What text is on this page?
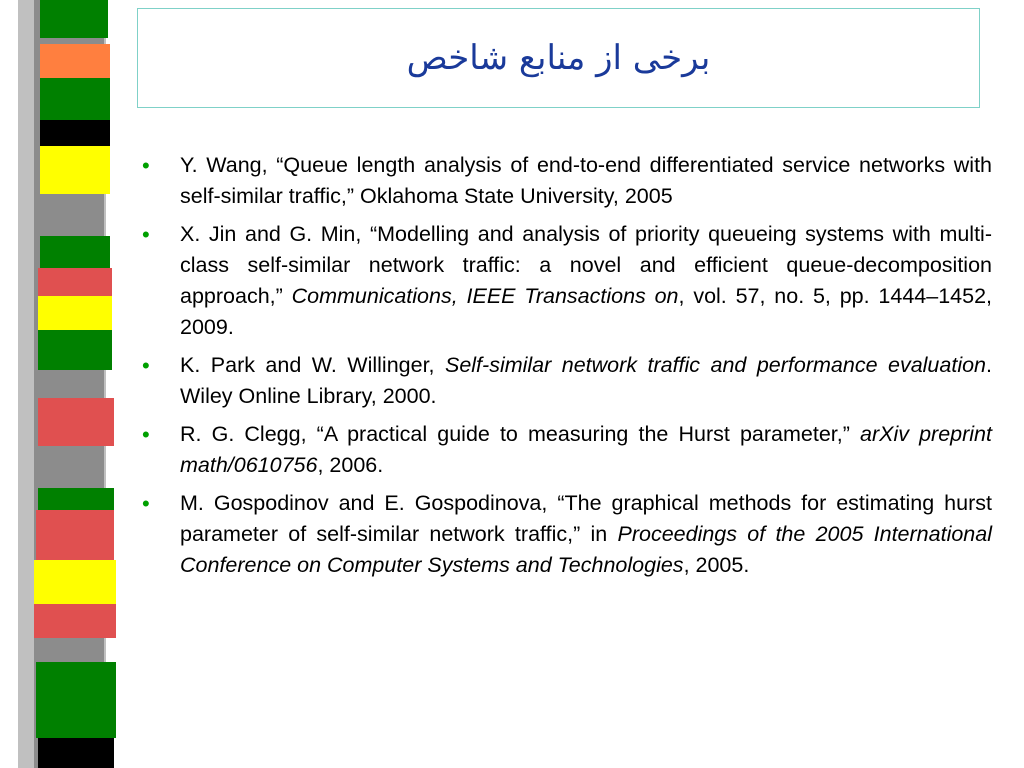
برخی از منابع شاخص
• Y. Wang, “Queue length analysis of end-to-end differentiated service networks with self-similar traffic,” Oklahoma State University, 2005
• X. Jin and G. Min, “Modelling and analysis of priority queueing systems with multi-class self-similar network traffic: a novel and efficient queue-decomposition approach,” Communications, IEEE Transactions on, vol. 57, no. 5, pp. 1444–1452, 2009.
• K. Park and W. Willinger, Self-similar network traffic and performance evaluation. Wiley Online Library, 2000.
• R. G. Clegg, “A practical guide to measuring the Hurst parameter,” arXiv preprint math/0610756, 2006.
• M. Gospodinov and E. Gospodinova, “The graphical methods for estimating hurst parameter of self-similar network traffic,” in Proceedings of the 2005 International Conference on Computer Systems and Technologies, 2005.
